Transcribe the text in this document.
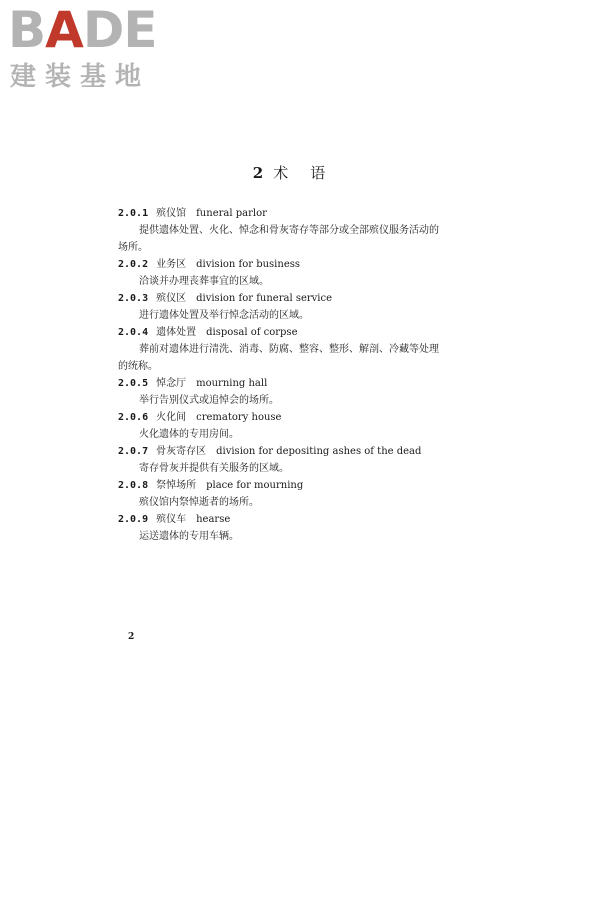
BADE
建装基地
2 术语
2.0.1 殡仪馆 funeral parlor

提供遗体处置、火化、悼念和骨灰寄存等部分或全部殡仪服务活动的场所。

2.0.2 业务区 division for business

洽谈并办理丧葬事宜的区域。

2.0.3 殡仪区 division for funeral service

进行遗体处置及举行悼念活动的区域。

2.0.4 遗体处置 disposal of corpse

葬前对遗体进行清洗、消毒、防腐、整容、整形、解剖、冷藏等处理的统称。

2.0.5 悼念厅 mourning hall

举行告别仪式或追悼会的场所。

2.0.6 火化间 crematory house

火化遗体的专用房间。

2.0.7 骨灰寄存区 division for depositing ashes of the dead

寄存骨灰并提供有关服务的区域。

2.0.8 祭悼场所 place for mourning

殡仪馆内祭悼逝者的场所。

2.0.9 殡仪车 hearse

运送遗体的专用车辆。

2
